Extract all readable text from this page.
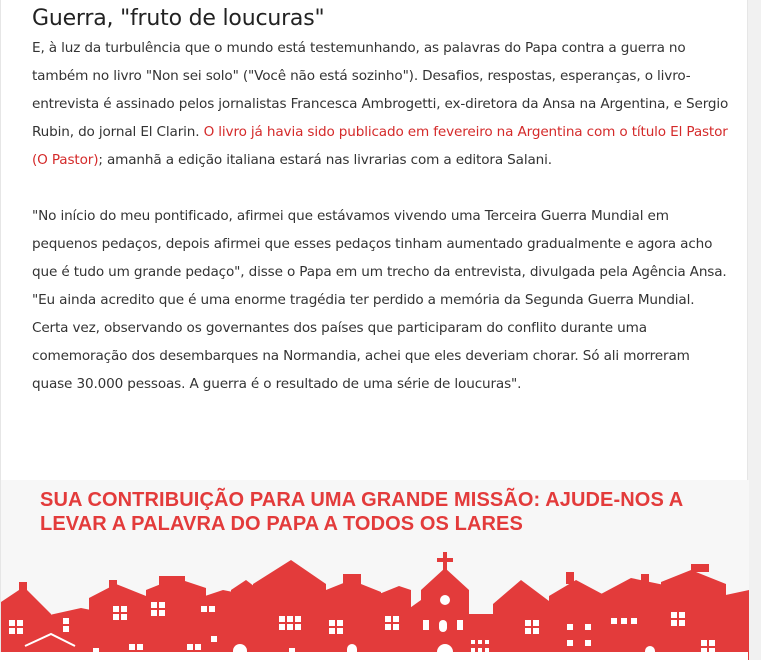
Guerra, "fruto de loucuras"

E, à luz da turbulência que o mundo está testemunhando, as palavras do Papa contra a guerra no também no livro "Non sei solo" ("Você não está sozinho"). Desafios, respostas, esperanças, o livro-entrevista é assinado pelos jornalistas Francesca Ambrogetti, ex-diretora da Ansa na Argentina, e Sergio Rubin, do jornal El Clarin. O livro já havia sido publicado em fevereiro na Argentina com o título El Pastor (O Pastor); amanhã a edição italiana estará nas livrarias com a editora Salani.

"No início do meu pontificado, afirmei que estávamos vivendo uma Terceira Guerra Mundial em pequenos pedaços, depois afirmei que esses pedaços tinham aumentado gradualmente e agora acho que é tudo um grande pedaço", disse o Papa em um trecho da entrevista, divulgada pela Agência Ansa. "Eu ainda acredito que é uma enorme tragédia ter perdido a memória da Segunda Guerra Mundial. Certa vez, observando os governantes dos países que participaram do conflito durante uma comemoração dos desembarques na Normandia, achei que eles deveriam chorar. Só ali morreram quase 30.000 pessoas. A guerra é o resultado de uma série de loucuras".

SUA CONTRIBUIÇÃO PARA UMA GRANDE MISSÃO: AJUDE-NOS A LEVAR A PALAVRA DO PAPA A TODOS OS LARES
